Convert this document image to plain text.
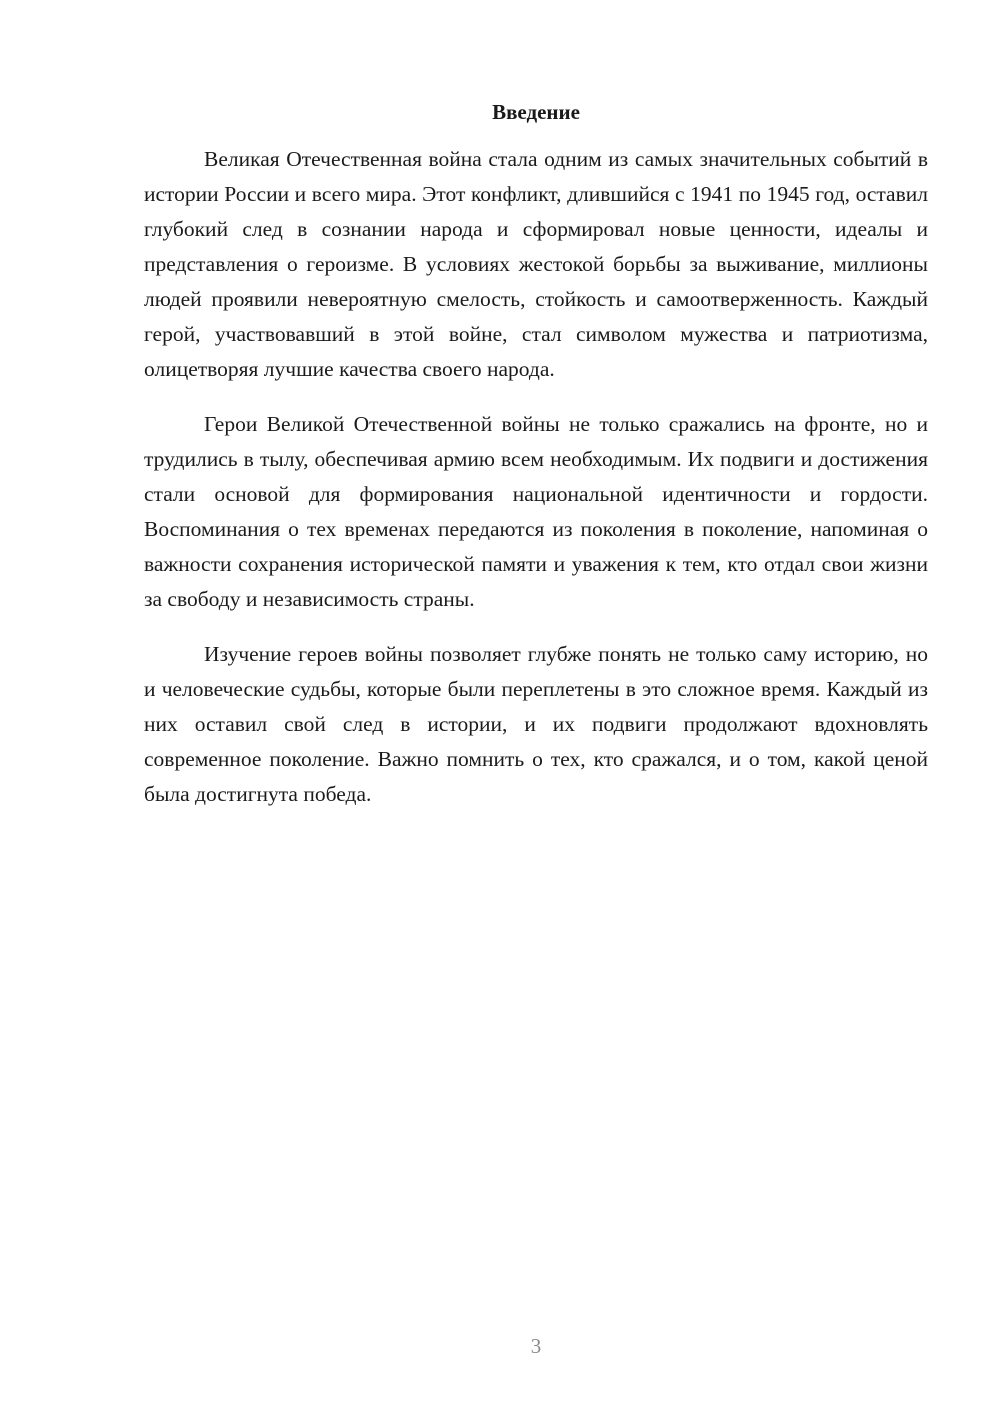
Введение

Великая Отечественная война стала одним из самых значительных событий в истории России и всего мира. Этот конфликт, длившийся с 1941 по 1945 год, оставил глубокий след в сознании народа и сформировал новые ценности, идеалы и представления о героизме. В условиях жестокой борьбы за выживание, миллионы людей проявили невероятную смелость, стойкость и самоотверженность. Каждый герой, участвовавший в этой войне, стал символом мужества и патриотизма, олицетворяя лучшие качества своего народа.

Герои Великой Отечественной войны не только сражались на фронте, но и трудились в тылу, обеспечивая армию всем необходимым. Их подвиги и достижения стали основой для формирования национальной идентичности и гордости. Воспоминания о тех временах передаются из поколения в поколение, напоминая о важности сохранения исторической памяти и уважения к тем, кто отдал свои жизни за свободу и независимость страны.

Изучение героев войны позволяет глубже понять не только саму историю, но и человеческие судьбы, которые были переплетены в это сложное время. Каждый из них оставил свой след в истории, и их подвиги продолжают вдохновлять современное поколение. Важно помнить о тех, кто сражался, и о том, какой ценой была достигнута победа.

3
